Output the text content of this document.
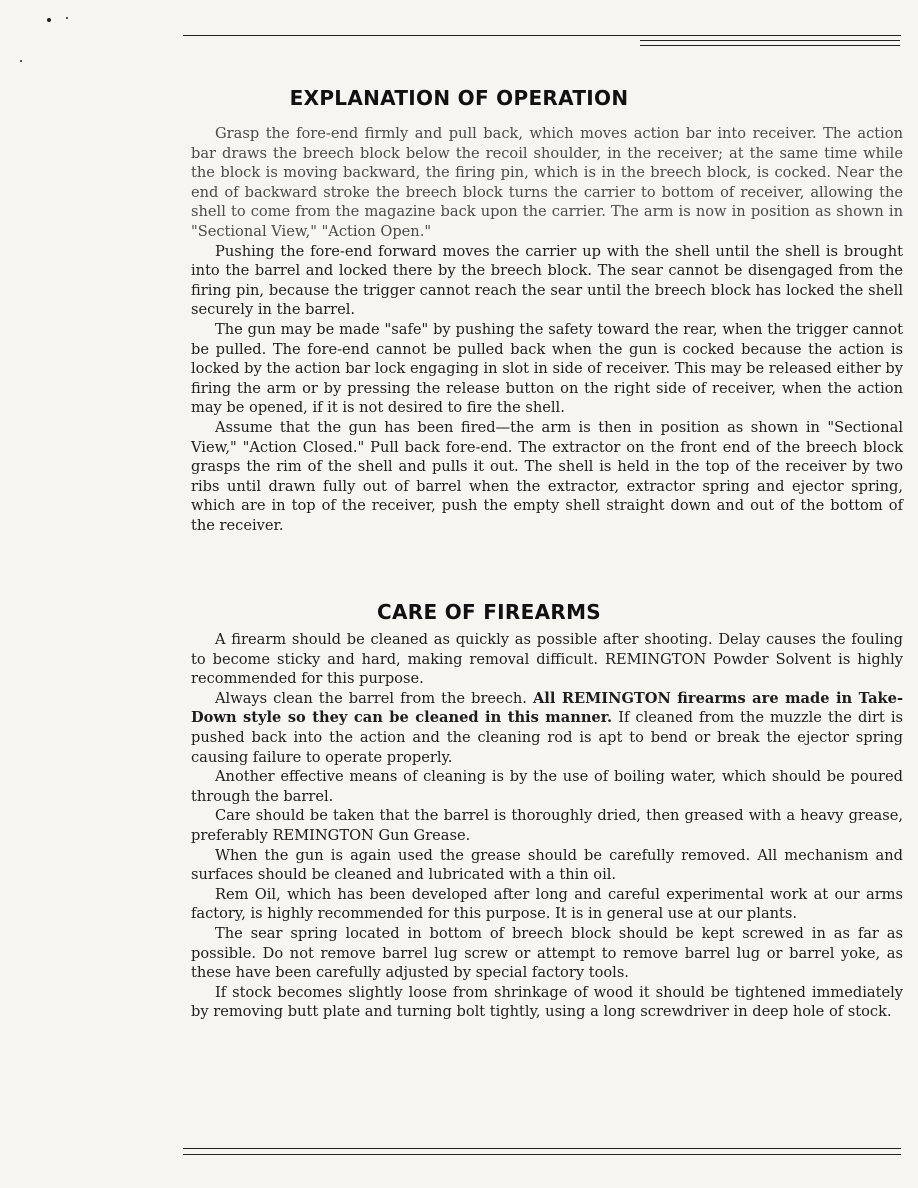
EXPLANATION OF OPERATION

Grasp the fore-end firmly and pull back, which moves action bar into receiver. The action bar draws the breech block below the recoil shoulder, in the receiver; at the same time while the block is moving backward, the firing pin, which is in the breech block, is cocked. Near the end of backward stroke the breech block turns the carrier to bottom of receiver, allowing the shell to come from the magazine back upon the carrier. The arm is now in position as shown in "Sectional View," "Action Open."

Pushing the fore-end forward moves the carrier up with the shell until the shell is brought into the barrel and locked there by the breech block. The sear cannot be disengaged from the firing pin, because the trigger cannot reach the sear until the breech block has locked the shell securely in the barrel.

The gun may be made "safe" by pushing the safety toward the rear, when the trigger cannot be pulled. The fore-end cannot be pulled back when the gun is cocked because the action is locked by the action bar lock engaging in slot in side of receiver. This may be released either by firing the arm or by pressing the release button on the right side of receiver, when the action may be opened, if it is not desired to fire the shell.

Assume that the gun has been fired—the arm is then in position as shown in "Sectional View," "Action Closed." Pull back fore-end. The extractor on the front end of the breech block grasps the rim of the shell and pulls it out. The shell is held in the top of the receiver by two ribs until drawn fully out of barrel when the extractor, extractor spring and ejector spring, which are in top of the receiver, push the empty shell straight down and out of the bottom of the receiver.

CARE OF FIREARMS

A firearm should be cleaned as quickly as possible after shooting. Delay causes the fouling to become sticky and hard, making removal difficult. REMINGTON Powder Solvent is highly recommended for this purpose.

Always clean the barrel from the breech. All REMINGTON firearms are made in Take-Down style so they can be cleaned in this manner. If cleaned from the muzzle the dirt is pushed back into the action and the cleaning rod is apt to bend or break the ejector spring causing failure to operate properly.

Another effective means of cleaning is by the use of boiling water, which should be poured through the barrel.

Care should be taken that the barrel is thoroughly dried, then greased with a heavy grease, preferably REMINGTON Gun Grease.

When the gun is again used the grease should be carefully removed. All mechanism and surfaces should be cleaned and lubricated with a thin oil.

Rem Oil, which has been developed after long and careful experimental work at our arms factory, is highly recommended for this purpose. It is in general use at our plants.

The sear spring located in bottom of breech block should be kept screwed in as far as possible. Do not remove barrel lug screw or attempt to remove barrel lug or barrel yoke, as these have been carefully adjusted by special factory tools.

If stock becomes slightly loose from shrinkage of wood it should be tightened immediately by removing butt plate and turning bolt tightly, using a long screwdriver in deep hole of stock.
